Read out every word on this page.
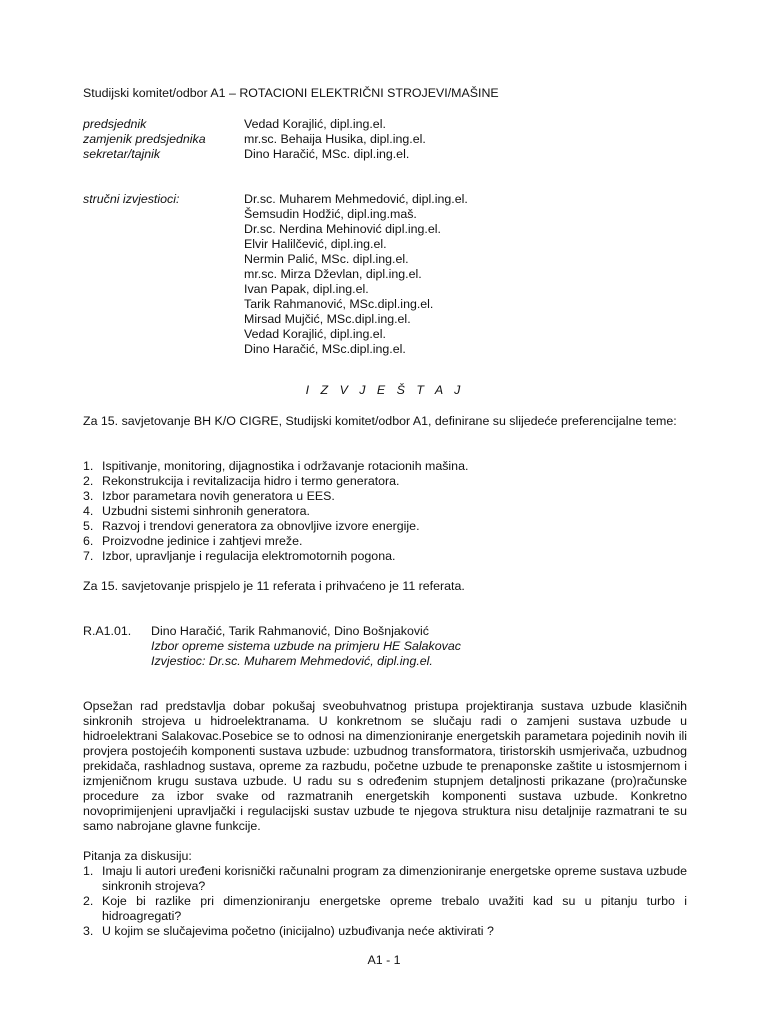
Studijski komitet/odbor A1 – ROTACIONI ELEKTRIČNI STROJEVI/MAŠINE

predsjednik	Vedad Korajlić, dipl.ing.el.
zamjenik predsjednika	mr.sc. Behaija Husika, dipl.ing.el.
sekretar/tajnik	Dino Haračić, MSc. dipl.ing.el.
stručni izvjestioci:	Dr.sc. Muharem Mehmedović, dipl.ing.el.
Šemsudin Hodžić, dipl.ing.maš.
Dr.sc. Nerdina Mehinović dipl.ing.el.
Elvir Halilčević, dipl.ing.el.
Nermin Palić, MSc. dipl.ing.el.
mr.sc. Mirza Dževlan, dipl.ing.el.
Ivan Papak, dipl.ing.el.
Tarik Rahmanović, MSc.dipl.ing.el.
Mirsad Mujčić, MSc.dipl.ing.el.
Vedad Korajlić, dipl.ing.el.
Dino Haračić, MSc.dipl.ing.el.
I Z V J E Š T A J

Za 15. savjetovanje BH K/O CIGRE, Studijski komitet/odbor A1, definirane su slijedeće preferencijalne teme:

1. Ispitivanje, monitoring, dijagnostika i održavanje rotacionih mašina.
2. Rekonstrukcija i revitalizacija hidro i termo generatora.
3. Izbor parametara novih generatora u EES.
4. Uzbudni sistemi sinhronih generatora.
5. Razvoj i trendovi generatora za obnovljive izvore energije.
6. Proizvodne jedinice i zahtjevi mreže.
7. Izbor, upravljanje i regulacija elektromotornih pogona.

Za 15. savjetovanje prispjelo je 11 referata i prihvaćeno je 11 referata.

R.A1.01.	Dino Haračić, Tarik Rahmanović, Dino Bošnjaković
Izbor opreme sistema uzbude na primjeru HE Salakovac
Izvjestioc: Dr.sc. Muharem Mehmedović, dipl.ing.el.

Opsežan rad predstavlja dobar pokušaj sveobuhvatnog pristupa projektiranja sustava uzbude klasičnih sinkronih strojeva u hidroelektranama. U konkretnom se slučaju radi o zamjeni sustava uzbude u hidroelektrani Salakovac.Posebice se to odnosi na dimenzioniranje energetskih parametara pojedinih novih ili provjera postojećih komponenti sustava uzbude: uzbudnog transformatora, tiristorskih usmjerivača, uzbudnog prekidača, rashladnog sustava, opreme za razbudu, početne uzbude te prenaponske zaštite u istosmjernom i izmjeničnom krugu sustava uzbude. U radu su s određenim stupnjem detaljnosti prikazane (pro)računske procedure za izbor svake od razmatranih energetskih komponenti sustava uzbude. Konkretno novoprimijenjeni upravljački i regulacijski sustav uzbude te njegova struktura nisu detaljnije razmatrani te su samo nabrojane glavne funkcije.

Pitanja za diskusiju:

1. Imaju li autori uređeni korisnički računalni program za dimenzioniranje energetske opreme sustava uzbude sinkronih strojeva?
2. Koje bi razlike pri dimenzioniranju energetske opreme trebalo uvažiti kad su u pitanju turbo i hidroagregati?
3. U kojim se slučajevima početno (inicijalno) uzbuđivanja neće aktivirati ?
A1 - 1
